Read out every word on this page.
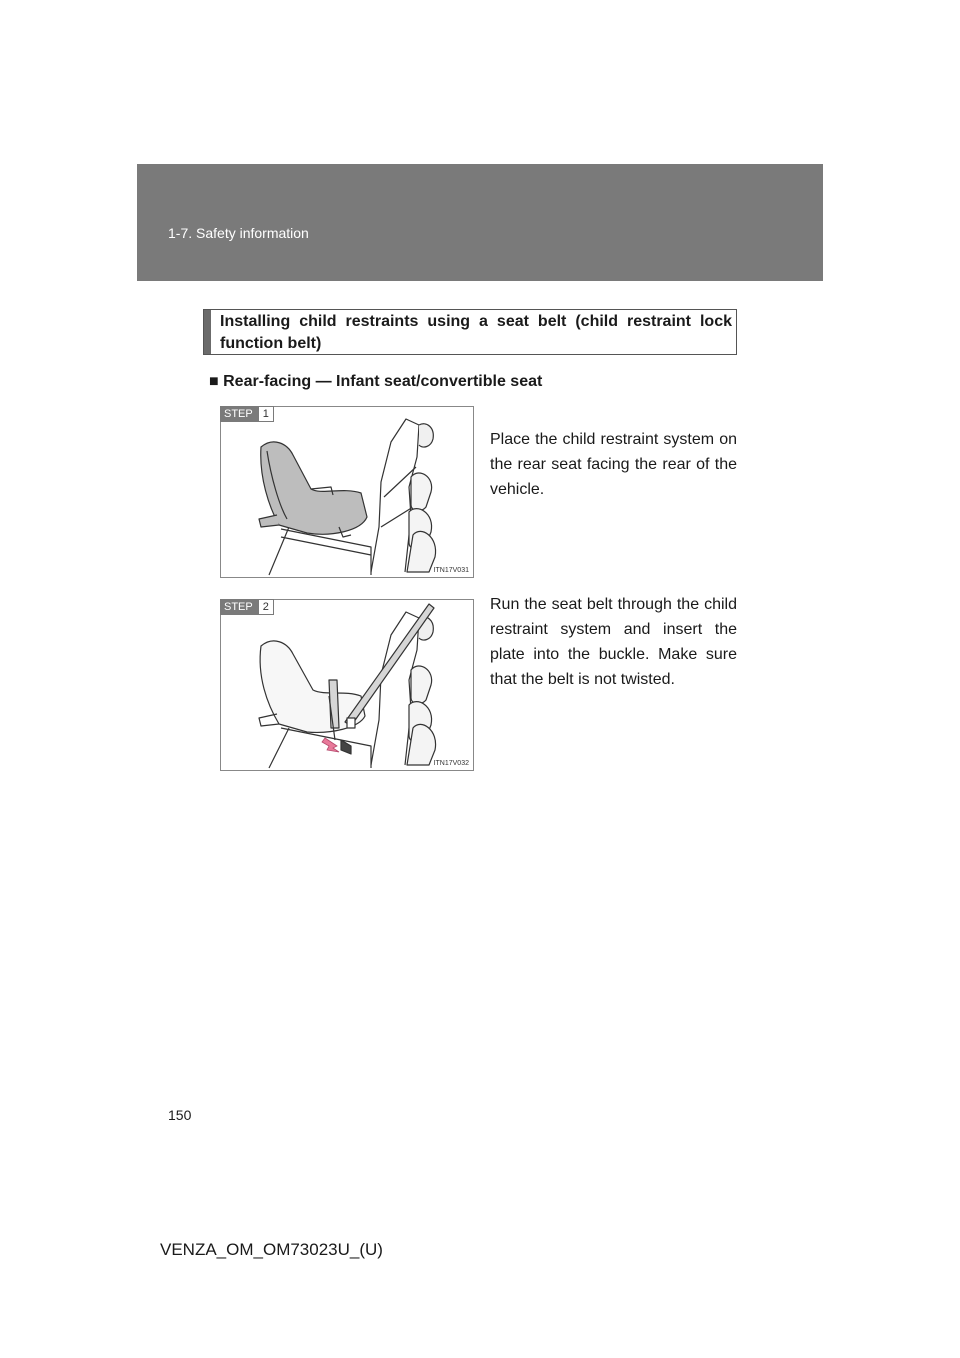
1-7. Safety information
Installing child restraints using a seat belt (child restraint lock function belt)
■ Rear-facing — Infant seat/convertible seat
STEP 1
ITN17V031
Place the child restraint system on the rear seat facing the rear of the vehicle.
STEP 2
ITN17V032
Run the seat belt through the child restraint system and insert the plate into the buckle. Make sure that the belt is not twisted.
150
VENZA_OM_OM73023U_(U)
